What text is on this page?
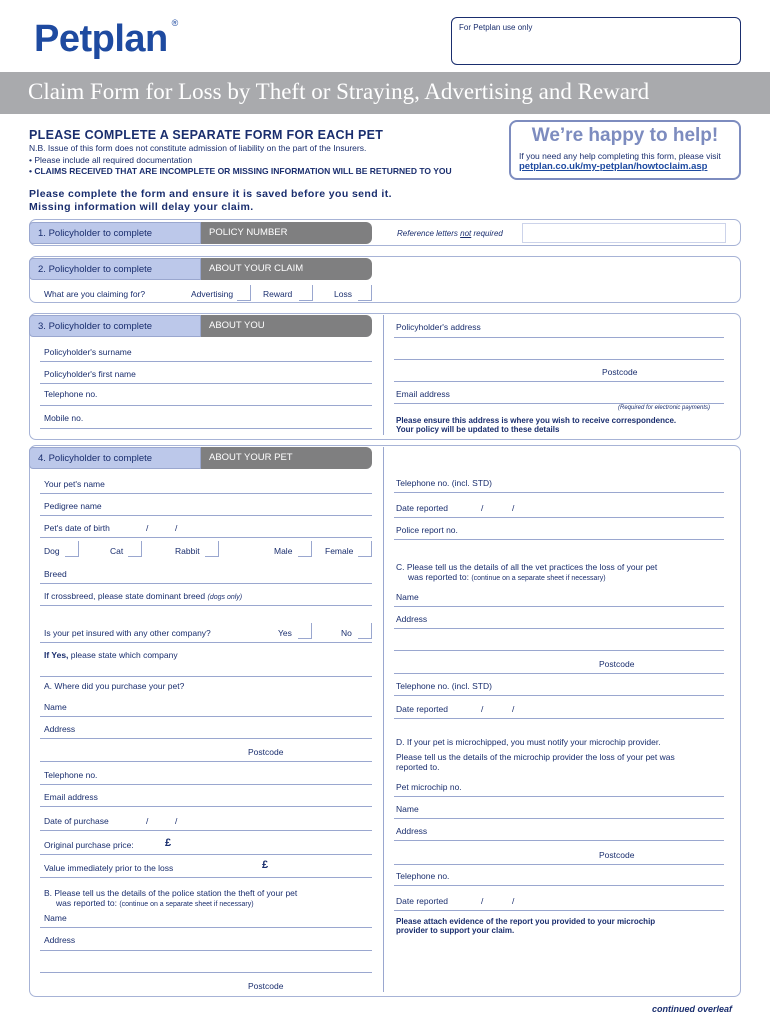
Petplan ®	For Petplan use only
Claim Form for Loss by Theft or Straying, Advertising and Reward
PLEASE COMPLETE A SEPARATE FORM FOR EACH PET
N.B. Issue of this form does not constitute admission of liability on the part of the Insurers.
• Please include all required documentation
• CLAIMS RECEIVED THAT ARE INCOMPLETE OR MISSING INFORMATION WILL BE RETURNED TO YOU
We’re happy to help!
If you need any help completing this form, please visit
petplan.co.uk/my-petplan/howtoclaim.asp
Please complete the form and ensure it is saved before you send it.
Missing information will delay your claim.
1. Policyholder to complete	POLICY NUMBER	Reference letters not required
2. Policyholder to complete	ABOUT YOUR CLAIM
What are you claiming for?	Advertising	Reward	Loss
3. Policyholder to complete	ABOUT YOU
Policyholder's surname
Policyholder's first name
Telephone no.
Mobile no.
Policyholder's address
Postcode
Email address
(Required for electronic payments)
Please ensure this address is where you wish to receive correspondence.
Your policy will be updated to these details
4. Policyholder to complete	ABOUT YOUR PET
Your pet's name
Pedigree name
Pet's date of birth	/	/
Dog	Cat	Rabbit	Male	Female
Breed
If crossbreed, please state dominant breed (dogs only)
Is your pet insured with any other company?	Yes	No
If Yes, please state which company
A. Where did you purchase your pet?
Name
Address
Postcode
Telephone no.
Email address
Date of purchase	/	/
Original purchase price:	£
Value immediately prior to the loss	£
B. Please tell us the details of the police station the theft of your pet
was reported to: (continue on a separate sheet if necessary)
Name
Address
Postcode
Telephone no. (incl. STD)
Date reported	/	/
Police report no.
C. Please tell us the details of all the vet practices the loss of your pet
was reported to: (continue on a separate sheet if necessary)
Name
Address
Postcode
Telephone no. (incl. STD)
Date reported	/	/
D. If your pet is microchipped, you must notify your microchip provider.
Please tell us the details of the microchip provider the loss of your pet was reported to.
Pet microchip no.
Name
Address
Postcode
Telephone no.
Date reported	/	/
Please attach evidence of the report you provided to your microchip
provider to support your claim.
continued overleaf
